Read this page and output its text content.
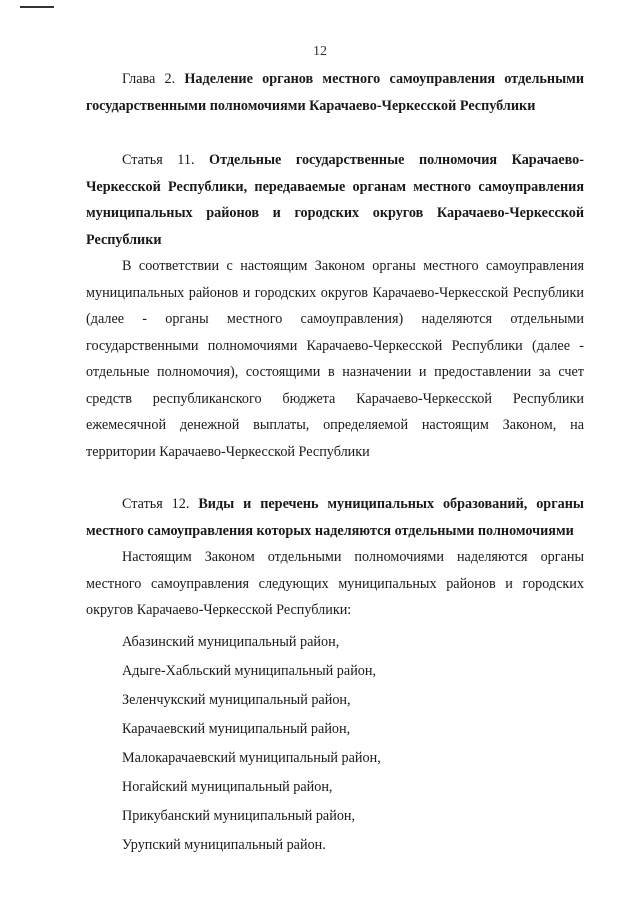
12

Глава 2. Наделение органов местного самоуправления отдельными государственными полномочиями Карачаево-Черкесской Республики

Статья 11. Отдельные государственные полномочия Карачаево-Черкесской Республики, передаваемые органам местного самоуправления муниципальных районов и городских округов Карачаево-Черкесской Республики

В соответствии с настоящим Законом органы местного самоуправления муниципальных районов и городских округов Карачаево-Черкесской Республики (далее - органы местного самоуправления) наделяются отдельными государственными полномочиями Карачаево-Черкесской Республики (далее - отдельные полномочия), состоящими в назначении и предоставлении за счет средств республиканского бюджета Карачаево-Черкесской Республики ежемесячной денежной выплаты, определяемой настоящим Законом, на территории Карачаево-Черкесской Республики

Статья 12. Виды и перечень муниципальных образований, органы местного самоуправления которых наделяются отдельными полномочиями

Настоящим Законом отдельными полномочиями наделяются органы местного самоуправления следующих муниципальных районов и городских округов Карачаево-Черкесской Республики:

Абазинский муниципальный район,
Адыге-Хабльский муниципальный район,
Зеленчукский муниципальный район,
Карачаевский муниципальный район,
Малокарачаевский муниципальный район,
Ногайский муниципальный район,
Прикубанский муниципальный район,
Урупский муниципальный район.
